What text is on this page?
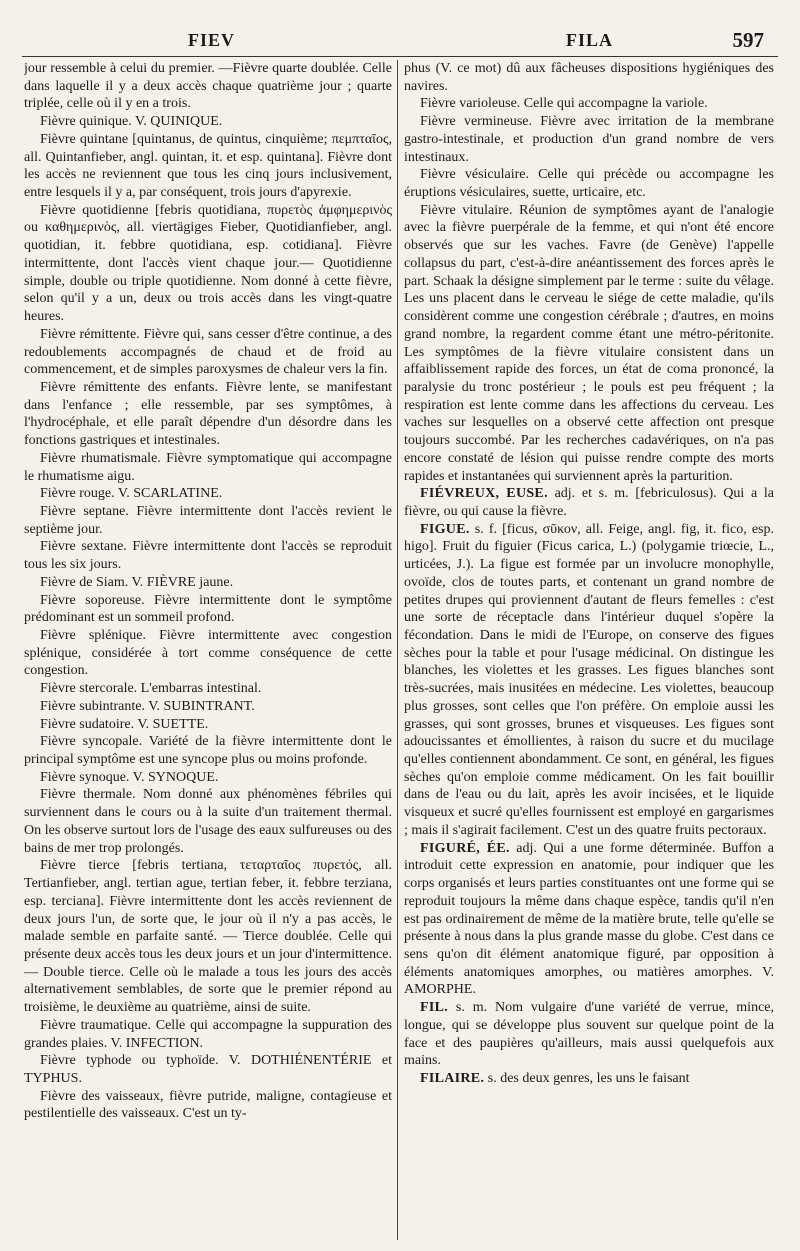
FIEV	FILA	597

jour ressemble à celui du premier. —Fièvre quarte doublée. Celle dans laquelle il y a deux accès chaque quatrième jour ; quarte triplée, celle où il y en a trois.

Fièvre quinique. V. QUINIQUE.

Fièvre quintane [quintanus, de quintus, cinquième; πεμπταῖος, all. Quintanfieber, angl. quintan, it. et esp. quintana]. Fièvre dont les accès ne reviennent que tous les cinq jours inclusivement, entre lesquels il y a, par conséquent, trois jours d'apyrexie.

Fièvre quotidienne [febris quotidiana, πυρετὸς ἀμφημερινὸς ou καθημερινὸς, all. viertägiges Fieber, Quotidianfieber, angl. quotidian, it. febbre quotidiana, esp. cotidiana]. Fièvre intermittente, dont l'accès vient chaque jour.— Quotidienne simple, double ou triple quotidienne. Nom donné à cette fièvre, selon qu'il y a un, deux ou trois accès dans les vingt-quatre heures.

Fièvre rémittente. Fièvre qui, sans cesser d'être continue, a des redoublements accompagnés de chaud et de froid au commencement, et de simples paroxysmes de chaleur vers la fin.

Fièvre rémittente des enfants. Fièvre lente, se manifestant dans l'enfance ; elle ressemble, par ses symptômes, à l'hydrocéphale, et elle paraît dépendre d'un désordre dans les fonctions gastriques et intestinales.

Fièvre rhumatismale. Fièvre symptomatique qui accompagne le rhumatisme aigu.

Fièvre rouge. V. SCARLATINE.

Fièvre septane. Fièvre intermittente dont l'accès revient le septième jour.

Fièvre sextane. Fièvre intermittente dont l'accès se reproduit tous les six jours.

Fièvre de Siam. V. FIÈVRE jaune.

Fièvre soporeuse. Fièvre intermittente dont le symptôme prédominant est un sommeil profond.

Fièvre splénique. Fièvre intermittente avec congestion splénique, considérée à tort comme conséquence de cette congestion.

Fièvre stercorale. L'embarras intestinal.

Fièvre subintrante. V. SUBINTRANT.

Fièvre sudatoire. V. SUETTE.

Fièvre syncopale. Variété de la fièvre intermittente dont le principal symptôme est une syncope plus ou moins profonde.

Fièvre synoque. V. SYNOQUE.

Fièvre thermale. Nom donné aux phénomènes fébriles qui surviennent dans le cours ou à la suite d'un traitement thermal. On les observe surtout lors de l'usage des eaux sulfureuses ou des bains de mer trop prolongés.

Fièvre tierce [febris tertiana, τεταρταῖος πυρετός, all. Tertianfieber, angl. tertian ague, tertian feber, it. febbre terziana, esp. terciana]. Fièvre intermittente dont les accès reviennent de deux jours l'un, de sorte que, le jour où il n'y a pas accès, le malade semble en parfaite santé. — Tierce doublée. Celle qui présente deux accès tous les deux jours et un jour d'intermittence.— Double tierce. Celle où le malade a tous les jours des accès alternativement semblables, de sorte que le premier répond au troisième, le deuxième au quatrième, ainsi de suite.

Fièvre traumatique. Celle qui accompagne la suppuration des grandes plaies. V. INFECTION.

Fièvre typhode ou typhoïde. V. DOTHIÉNENTÉRIE et TYPHUS.

Fièvre des vaisseaux, fièvre putride, maligne, contagieuse et pestilentielle des vaisseaux. C'est un ty-

phus (V. ce mot) dû aux fâcheuses dispositions hygiéniques des navires.

Fièvre varioleuse. Celle qui accompagne la variole.

Fièvre vermineuse. Fièvre avec irritation de la membrane gastro-intestinale, et production d'un grand nombre de vers intestinaux.

Fièvre vésiculaire. Celle qui précède ou accompagne les éruptions vésiculaires, suette, urticaire, etc.

Fièvre vitulaire. Réunion de symptômes ayant de l'analogie avec la fièvre puerpérale de la femme, et qui n'ont été encore observés que sur les vaches. Favre (de Genève) l'appelle collapsus du part, c'est-à-dire anéantissement des forces après le part. Schaak la désigne simplement par le terme : suite du vêlage. Les uns placent dans le cerveau le siége de cette maladie, qu'ils considèrent comme une congestion cérébrale ; d'autres, en moins grand nombre, la regardent comme étant une métro-péritonite. Les symptômes de la fièvre vitulaire consistent dans un affaiblissement rapide des forces, un état de coma prononcé, la paralysie du tronc postérieur ; le pouls est peu fréquent ; la respiration est lente comme dans les affections du cerveau. Les vaches sur lesquelles on a observé cette affection ont presque toujours succombé. Par les recherches cadavériques, on n'a pas encore constaté de lésion qui puisse rendre compte des morts rapides et instantanées qui surviennent après la parturition.

FIÉVREUX, EUSE. adj. et s. m. [febriculosus). Qui a la fièvre, ou qui cause la fièvre.

FIGUE. s. f. [ficus, σῦκον, all. Feige, angl. fig, it. fico, esp. higo]. Fruit du figuier (Ficus carica, L.) (polygamie triœcie, L., urticées, J.). La figue est formée par un involucre monophylle, ovoïde, clos de toutes parts, et contenant un grand nombre de petites drupes qui proviennent d'autant de fleurs femelles : c'est une sorte de réceptacle dans l'intérieur duquel s'opère la fécondation. Dans le midi de l'Europe, on conserve des figues sèches pour la table et pour l'usage médicinal. On distingue les blanches, les violettes et les grasses. Les figues blanches sont très-sucrées, mais inusitées en médecine. Les violettes, beaucoup plus grosses, sont celles que l'on préfère. On emploie aussi les grasses, qui sont grosses, brunes et visqueuses. Les figues sont adoucissantes et émollientes, à raison du sucre et du mucilage qu'elles contiennent abondamment. Ce sont, en général, les figues sèches qu'on emploie comme médicament. On les fait bouillir dans de l'eau ou du lait, après les avoir incisées, et le liquide visqueux et sucré qu'elles fournissent est employé en gargarismes ; mais il s'agirait facilement. C'est un des quatre fruits pectoraux.

FIGURÉ, ÉE. adj. Qui a une forme déterminée. Buffon a introduit cette expression en anatomie, pour indiquer que les corps organisés et leurs parties constituantes ont une forme qui se reproduit toujours la même dans chaque espèce, tandis qu'il n'en est pas ordinairement de même de la matière brute, telle qu'elle se présente à nous dans la plus grande masse du globe. C'est dans ce sens qu'on dit élément anatomique figuré, par opposition à éléments anatomiques amorphes, ou matières amorphes. V. AMORPHE.

FIL. s. m. Nom vulgaire d'une variété de verrue, mince, longue, qui se développe plus souvent sur quelque point de la face et des paupières qu'ailleurs, mais aussi quelquefois aux mains.

FILAIRE. s. des deux genres, les uns le faisant
